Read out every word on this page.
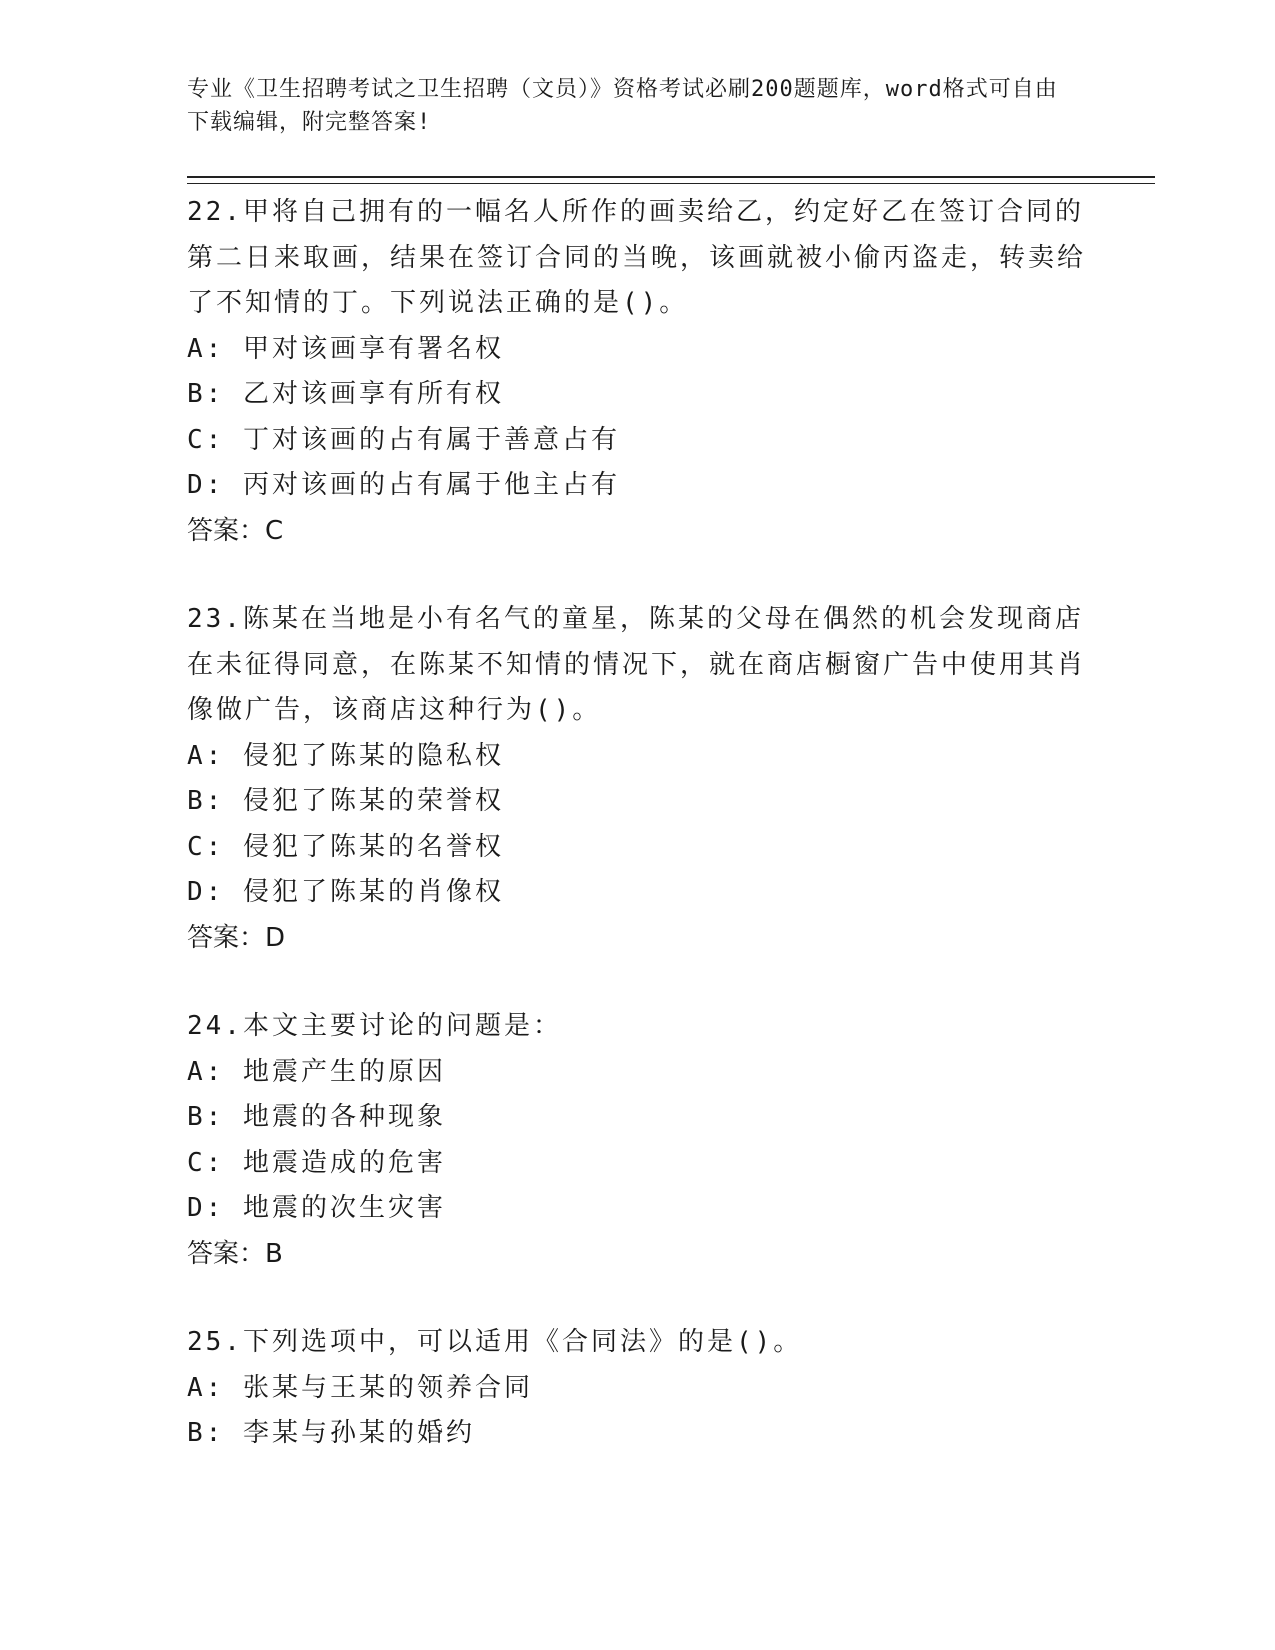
专业《卫生招聘考试之卫生招聘（文员）》资格考试必刷200题题库，word格式可自由下载编辑，附完整答案!

22.甲将自己拥有的一幅名人所作的画卖给乙，约定好乙在签订合同的第二日来取画，结果在签订合同的当晚，该画就被小偷丙盗走，转卖给了不知情的丁。下列说法正确的是()。

A: 甲对该画享有署名权

B: 乙对该画享有所有权

C: 丁对该画的占有属于善意占有

D: 丙对该画的占有属于他主占有

答案：C

23.陈某在当地是小有名气的童星，陈某的父母在偶然的机会发现商店在未征得同意，在陈某不知情的情况下，就在商店橱窗广告中使用其肖像做广告，该商店这种行为()。

A: 侵犯了陈某的隐私权

B: 侵犯了陈某的荣誉权

C: 侵犯了陈某的名誉权

D: 侵犯了陈某的肖像权

答案：D

24.本文主要讨论的问题是：

A: 地震产生的原因

B: 地震的各种现象

C: 地震造成的危害

D: 地震的次生灾害

答案：B

25.下列选项中，可以适用《合同法》的是()。

A: 张某与王某的领养合同

B: 李某与孙某的婚约
